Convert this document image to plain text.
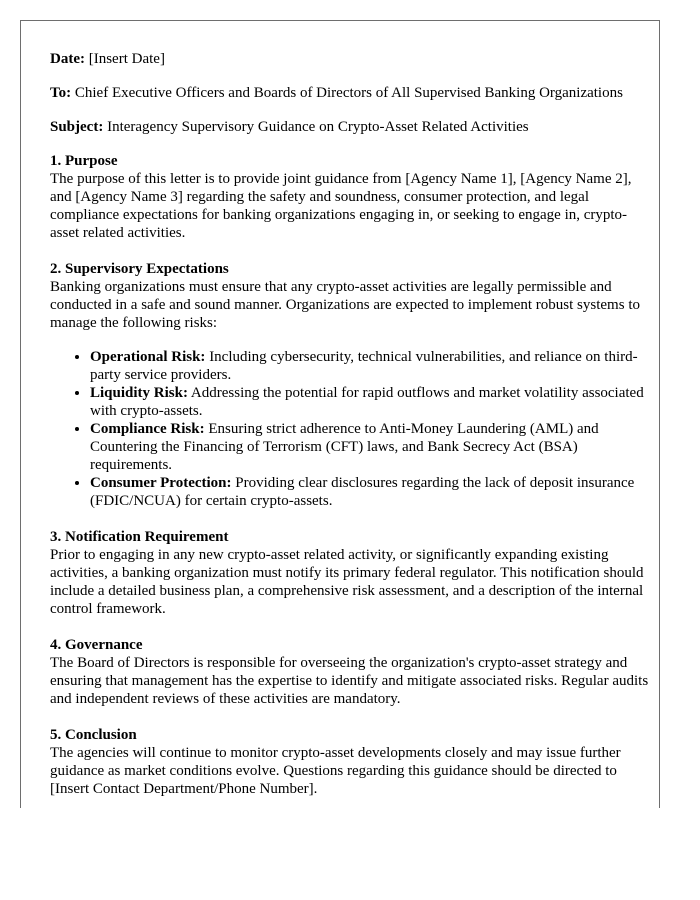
Date: [Insert Date]

To: Chief Executive Officers and Boards of Directors of All Supervised Banking Organizations

Subject: Interagency Supervisory Guidance on Crypto-Asset Related Activities

1. Purpose

The purpose of this letter is to provide joint guidance from [Agency Name 1], [Agency Name 2], and [Agency Name 3] regarding the safety and soundness, consumer protection, and legal compliance expectations for banking organizations engaging in, or seeking to engage in, crypto-asset related activities.

2. Supervisory Expectations

Banking organizations must ensure that any crypto-asset activities are legally permissible and conducted in a safe and sound manner. Organizations are expected to implement robust systems to manage the following risks:

• Operational Risk: Including cybersecurity, technical vulnerabilities, and reliance on third-party service providers.
• Liquidity Risk: Addressing the potential for rapid outflows and market volatility associated with crypto-assets.
• Compliance Risk: Ensuring strict adherence to Anti-Money Laundering (AML) and Countering the Financing of Terrorism (CFT) laws, and Bank Secrecy Act (BSA) requirements.
• Consumer Protection: Providing clear disclosures regarding the lack of deposit insurance (FDIC/NCUA) for certain crypto-assets.

3. Notification Requirement

Prior to engaging in any new crypto-asset related activity, or significantly expanding existing activities, a banking organization must notify its primary federal regulator. This notification should include a detailed business plan, a comprehensive risk assessment, and a description of the internal control framework.

4. Governance

The Board of Directors is responsible for overseeing the organization's crypto-asset strategy and ensuring that management has the expertise to identify and mitigate associated risks. Regular audits and independent reviews of these activities are mandatory.

5. Conclusion

The agencies will continue to monitor crypto-asset developments closely and may issue further guidance as market conditions evolve. Questions regarding this guidance should be directed to [Insert Contact Department/Phone Number].
